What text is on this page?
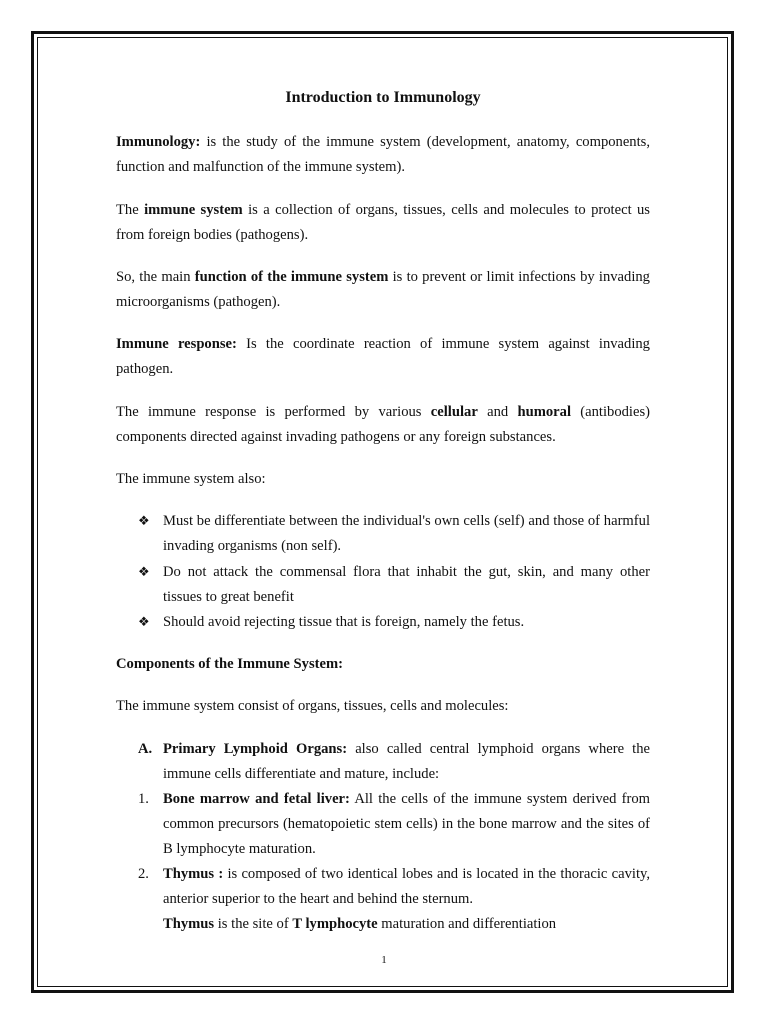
Introduction to Immunology
Immunology: is the study of the immune system (development, anatomy, components, function and malfunction of the immune system).
The immune system is a collection of organs, tissues, cells and molecules to protect us from foreign bodies (pathogens).
So, the main function of the immune system is to prevent or limit infections by invading microorganisms (pathogen).
Immune response: Is the coordinate reaction of immune system against invading pathogen.
The immune response is performed by various cellular and humoral (antibodies) components directed against invading pathogens or any foreign substances.
The immune system also:
❖ Must be differentiate between the individual's own cells (self) and those of harmful invading organisms (non self).
❖ Do not attack the commensal flora that inhabit the gut, skin, and many other tissues to great benefit
❖ Should avoid rejecting tissue that is foreign, namely the fetus.
Components of the Immune System:
The immune system consist of organs, tissues, cells and molecules:
A. Primary Lymphoid Organs: also called central lymphoid organs where the immune cells differentiate and mature, include:
1. Bone marrow and fetal liver: All the cells of the immune system derived from common precursors (hematopoietic stem cells) in the bone marrow and the sites of B lymphocyte maturation.
2. Thymus : is composed of two identical lobes and is located in the thoracic cavity, anterior superior to the heart and behind the sternum.
Thymus is the site of T lymphocyte maturation and differentiation
1
